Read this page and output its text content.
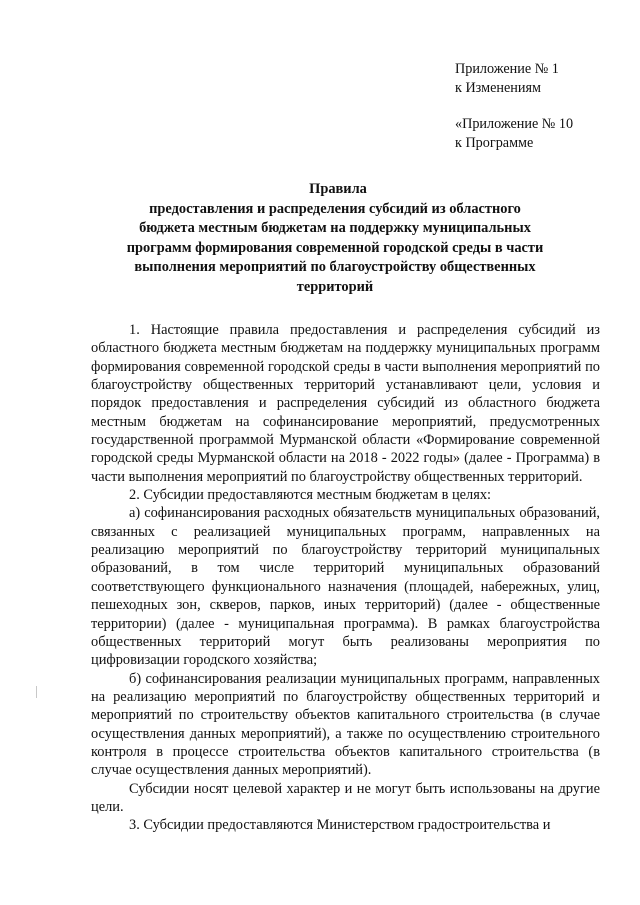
Приложение № 1
к Изменениям
«Приложение № 10
к Программе
Правила
предоставления и распределения субсидий из областного
бюджета местным бюджетам на поддержку муниципальных
программ формирования современной городской среды в части
выполнения мероприятий по благоустройству общественных
территорий

1. Настоящие правила предоставления и распределения субсидий из областного бюджета местным бюджетам на поддержку муниципальных программ формирования современной городской среды в части выполнения мероприятий по благоустройству общественных территорий устанавливают цели, условия и порядок предоставления и распределения субсидий из областного бюджета местным бюджетам на софинансирование мероприятий, предусмотренных государственной программой Мурманской области «Формирование современной городской среды Мурманской области на 2018 - 2022 годы» (далее - Программа) в части выполнения мероприятий по благоустройству общественных территорий.

2. Субсидии предоставляются местным бюджетам в целях:

а) софинансирования расходных обязательств муниципальных образований, связанных с реализацией муниципальных программ, направленных на реализацию мероприятий по благоустройству территорий муниципальных образований, в том числе территорий муниципальных образований соответствующего функционального назначения (площадей, набережных, улиц, пешеходных зон, скверов, парков, иных территорий) (далее - общественные территории) (далее - муниципальная программа). В рамках благоустройства общественных территорий могут быть реализованы мероприятия по цифровизации городского хозяйства;

б) софинансирования реализации муниципальных программ, направленных на реализацию мероприятий по благоустройству общественных территорий и мероприятий по строительству объектов капитального строительства (в случае осуществления данных мероприятий), а также по осуществлению строительного контроля в процессе строительства объектов капитального строительства (в случае осуществления данных мероприятий).

Субсидии носят целевой характер и не могут быть использованы на другие цели.

3. Субсидии предоставляются Министерством градостроительства и
